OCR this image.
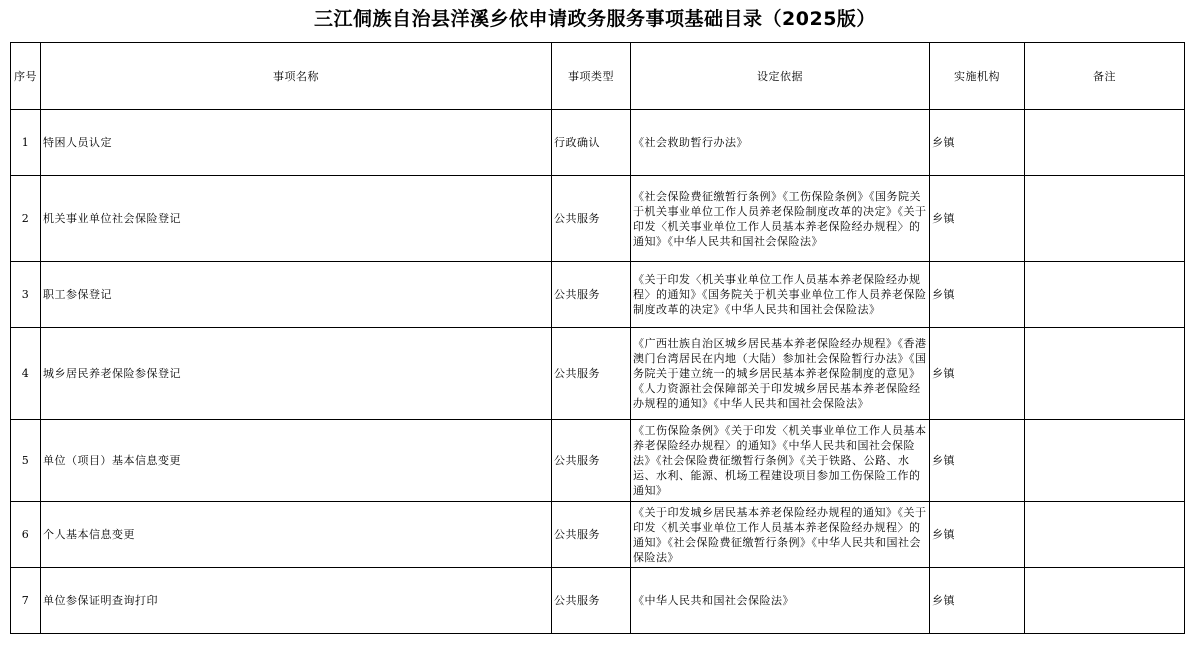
三江侗族自治县洋溪乡依申请政务服务事项基础目录（2025版）
序号	事项名称	事项类型	设定依据	实施机构	备注
1	特困人员认定	行政确认	《社会救助暂行办法》	乡镇	
2	机关事业单位社会保险登记	公共服务	《社会保险费征缴暂行条例》《工伤保险条例》《国务院关于机关事业单位工作人员养老保险制度改革的决定》《关于印发〈机关事业单位工作人员基本养老保险经办规程〉的通知》《中华人民共和国社会保险法》	乡镇	
3	职工参保登记	公共服务	《关于印发〈机关事业单位工作人员基本养老保险经办规程〉的通知》《国务院关于机关事业单位工作人员养老保险制度改革的决定》《中华人民共和国社会保险法》	乡镇	
4	城乡居民养老保险参保登记	公共服务	《广西壮族自治区城乡居民基本养老保险经办规程》《香港澳门台湾居民在内地（大陆）参加社会保险暂行办法》《国务院关于建立统一的城乡居民基本养老保险制度的意见》《人力资源社会保障部关于印发城乡居民基本养老保险经办规程的通知》《中华人民共和国社会保险法》	乡镇	
5	单位（项目）基本信息变更	公共服务	《工伤保险条例》《关于印发〈机关事业单位工作人员基本养老保险经办规程〉的通知》《中华人民共和国社会保险法》《社会保险费征缴暂行条例》《关于铁路、公路、水运、水利、能源、机场工程建设项目参加工伤保险工作的通知》	乡镇	
6	个人基本信息变更	公共服务	《关于印发城乡居民基本养老保险经办规程的通知》《关于印发〈机关事业单位工作人员基本养老保险经办规程〉的通知》《社会保险费征缴暂行条例》《中华人民共和国社会保险法》	乡镇	
7	单位参保证明查询打印	公共服务	《中华人民共和国社会保险法》	乡镇	
